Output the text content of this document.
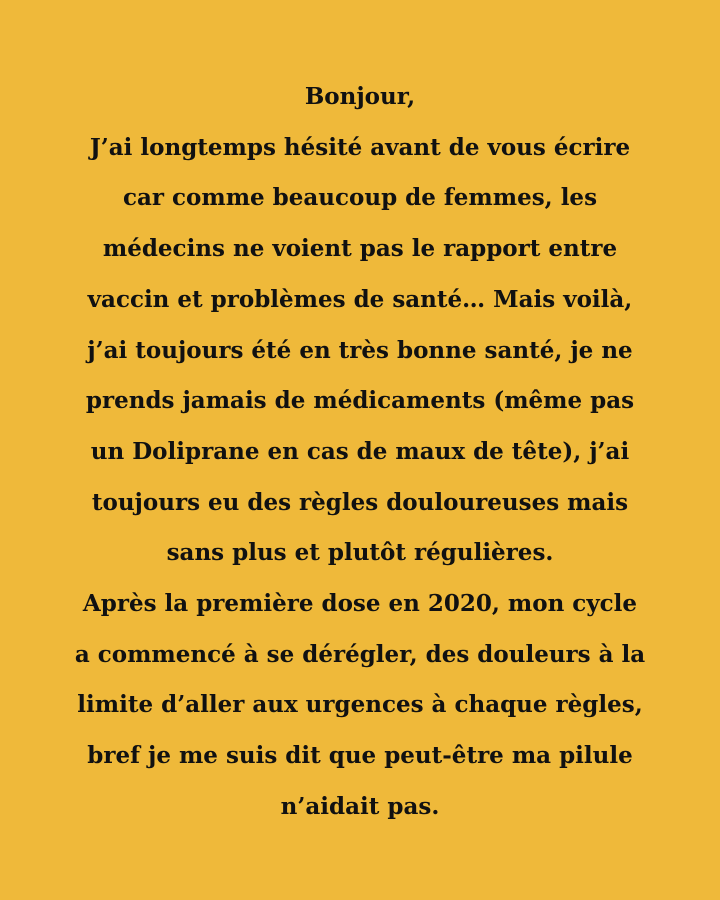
Bonjour,
J’ai longtemps hésité avant de vous écrire
car comme beaucoup de femmes, les
médecins ne voient pas le rapport entre
vaccin et problèmes de santé… Mais voilà,
j’ai toujours été en très bonne santé, je ne
prends jamais de médicaments (même pas
un Doliprane en cas de maux de tête), j’ai
toujours eu des règles douloureuses mais
sans plus et plutôt régulières.
Après la première dose en 2020, mon cycle
a commencé à se dérégler, des douleurs à la
limite d’aller aux urgences à chaque règles,
bref je me suis dit que peut-être ma pilule
n’aidait pas.
